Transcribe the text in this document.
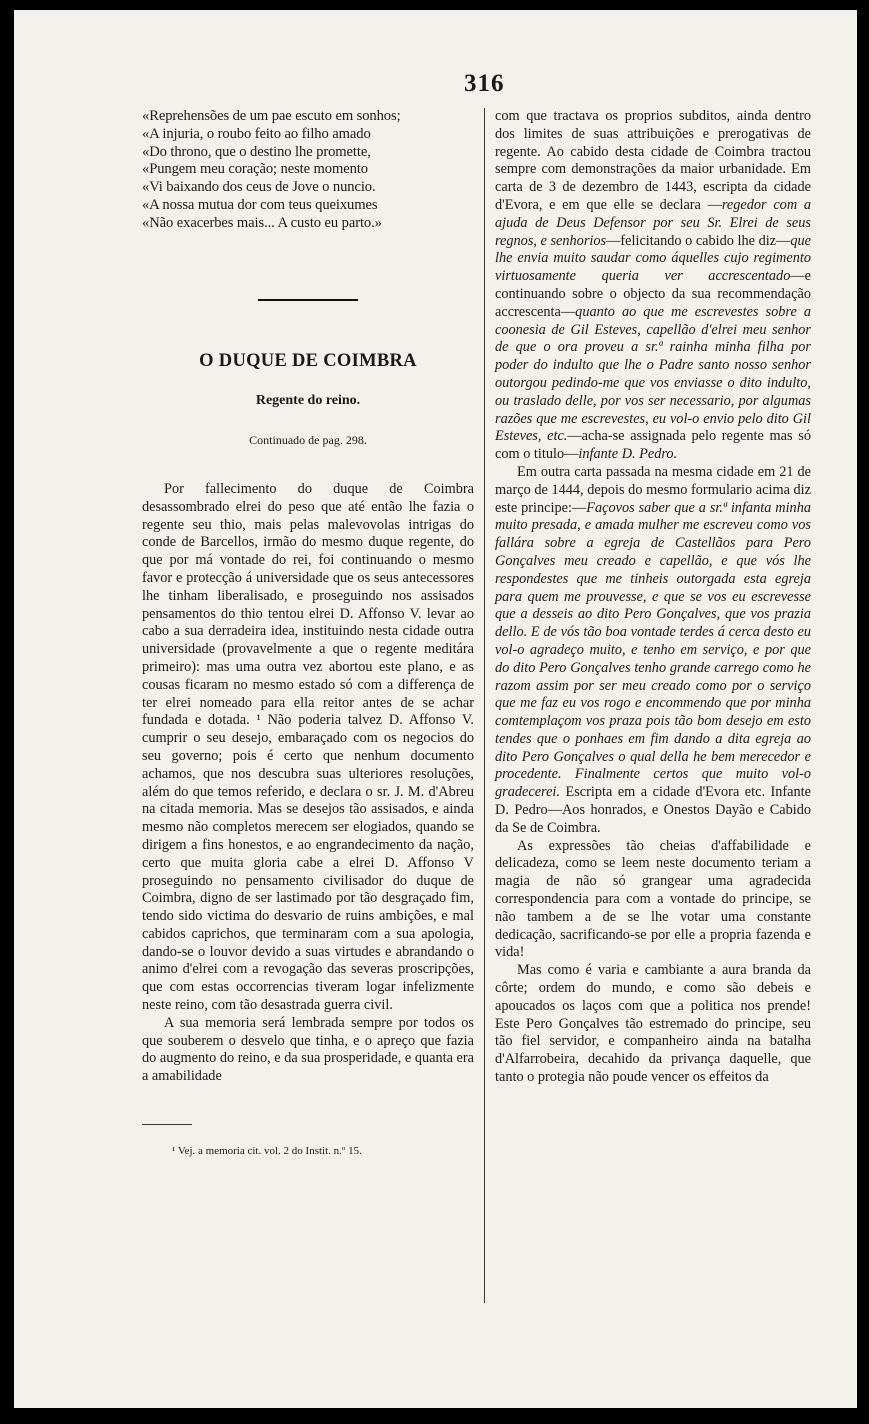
316

«Reprehensões de um pae escuto em sonhos;

«A injuria, o roubo feito ao filho amado

«Do throno, que o destino lhe promette,

«Pungem meu coração; neste momento

«Vi baixando dos ceus de Jove o nuncio.

«A nossa mutua dor com teus queixumes

«Não exacerbes mais... A custo eu parto.»

O DUQUE DE COIMBRA
Regente do reino.
Continuado de pag. 298.

Por fallecimento do duque de Coimbra desassombrado elrei do peso que até então lhe fazia o regente seu thio, mais pelas malevovolas intrigas do conde de Barcellos, irmão do mesmo duque regente, do que por má vontade do rei, foi continuando o mesmo favor e protecção á universidade que os seus antecessores lhe tinham liberalisado, e proseguindo nos assisados pensamentos do thio tentou elrei D. Affonso V. levar ao cabo a sua derradeira idea, instituindo nesta cidade outra universidade (provavelmente a que o regente meditára primeiro): mas uma outra vez abortou este plano, e as cousas ficaram no mesmo estado só com a differença de ter elrei nomeado para ella reitor antes de se achar fundada e dotada. ¹ Não poderia talvez D. Affonso V. cumprir o seu desejo, embaraçado com os negocios do seu governo; pois é certo que nenhum documento achamos, que nos descubra suas ulteriores resoluções, além do que temos referido, e declara o sr. J. M. d'Abreu na citada memoria. Mas se desejos tão assisados, e ainda mesmo não completos merecem ser elogiados, quando se dirigem a fins honestos, e ao engrandecimento da nação, certo que muita gloria cabe a elrei D. Affonso V proseguindo no pensamento civilisador do duque de Coimbra, digno de ser lastimado por tão desgraçado fim, tendo sido victima do desvario de ruins ambições, e mal cabidos caprichos, que terminaram com a sua apologia, dando-se o louvor devido a suas virtudes e abrandando o animo d'elrei com a revogação das severas proscripções, que com estas occorrencias tiveram logar infelizmente neste reino, com tão desastrada guerra civil.

A sua memoria será lembrada sempre por todos os que souberem o desvelo que tinha, e o apreço que fazia do augmento do reino, e da sua prosperidade, e quanta era a amabilidade

¹ Vej. a memoria cit. vol. 2 do Instit. n.º 15.

com que tractava os proprios subditos, ainda dentro dos limites de suas attribuições e prerogativas de regente. Ao cabido desta cidade de Coimbra tractou sempre com demonstrações da maior urbanidade. Em carta de 3 de dezembro de 1443, escripta da cidade d'Evora, e em que elle se declara —regedor com a ajuda de Deus Defensor por seu Sr. Elrei de seus regnos, e senhorios—felicitando o cabido lhe diz—que lhe envia muito saudar como áquelles cujo regimento virtuosamente queria ver accrescentado—e continuando sobre o objecto da sua recommendação accrescenta—quanto ao que me escrevestes sobre a coonesia de Gil Esteves, capellão d'elrei meu senhor de que o ora proveu a sr.ª rainha minha filha por poder do indulto que lhe o Padre santo nosso senhor outorgou pedindo-me que vos enviasse o dito indulto, ou traslado delle, por vos ser necessario, por algumas razões que me escrevestes, eu vol-o envio pelo dito Gil Esteves, etc.—acha-se assignada pelo regente mas só com o titulo—infante D. Pedro.

Em outra carta passada na mesma cidade em 21 de março de 1444, depois do mesmo formulario acima diz este principe:—Façovos saber que a sr.ª infanta minha muito presada, e amada mulher me escreveu como vos fallára sobre a egreja de Castellãos para Pero Gonçalves meu creado e capellão, e que vós lhe respondestes que me tinheis outorgada esta egreja para quem me prouvesse, e que se vos eu escrevesse que a desseis ao dito Pero Gonçalves, que vos prazia dello. E de vós tão boa vontade terdes á cerca desto eu vol-o agradeço muito, e tenho em serviço, e por que do dito Pero Gonçalves tenho grande carrego como he razom assim por ser meu creado como por o serviço que me faz eu vos rogo e encommendo que por minha comtemplaçom vos praza pois tão bom desejo em esto tendes que o ponhaes em fim dando a dita egreja ao dito Pero Gonçalves o qual della he bem merecedor e procedente. Finalmente certos que muito vol-o gradecerei. Escripta em a cidade d'Evora etc. Infante D. Pedro—Aos honrados, e Onestos Dayão e Cabido da Se de Coimbra.

As expressões tão cheias d'affabilidade e delicadeza, como se leem neste documento teriam a magia de não só grangear uma agradecida correspondencia para com a vontade do principe, se não tambem a de se lhe votar uma constante dedicação, sacrificando-se por elle a propria fazenda e vida!

Mas como é varia e cambiante a aura branda da côrte; ordem do mundo, e como são debeis e apoucados os laços com que a politica nos prende! Este Pero Gonçalves tão estremado do principe, seu tão fiel servidor, e companheiro ainda na batalha d'Alfarrobeira, decahido da privança daquelle, que tanto o protegia não poude vencer os effeitos da
